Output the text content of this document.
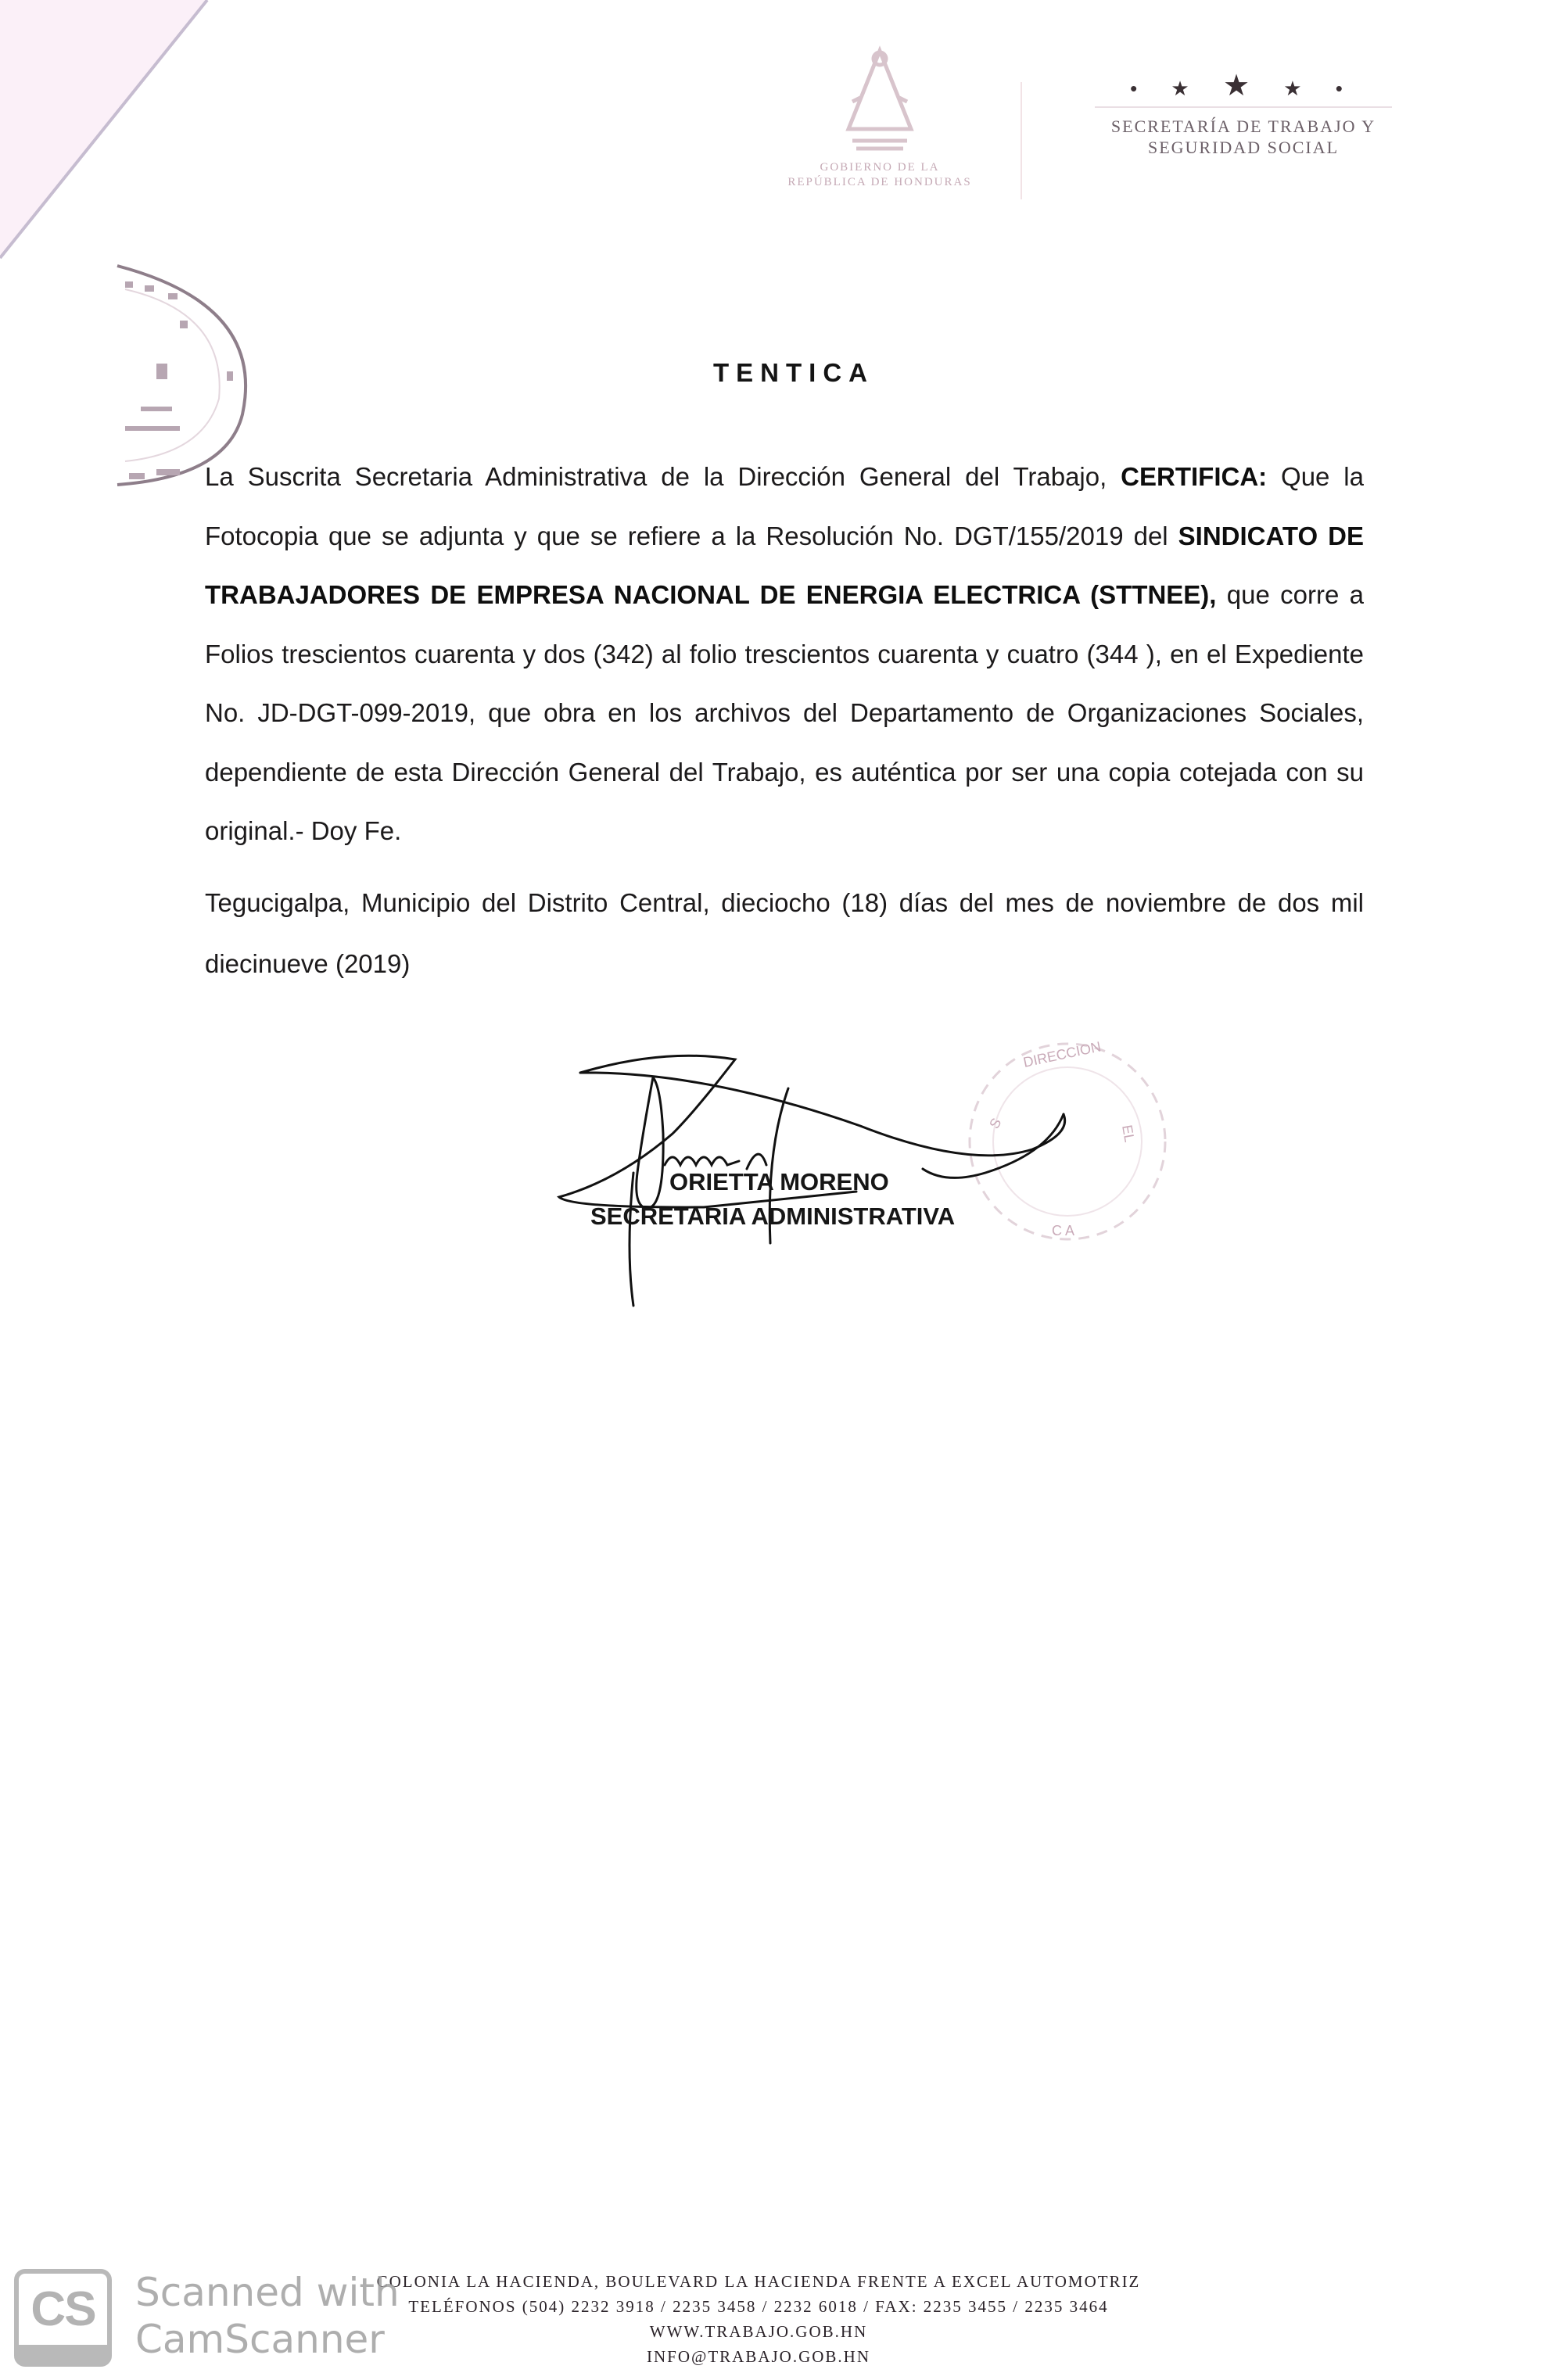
GOBIERNO DE LA
REPÚBLICA DE HONDURAS
• ★ ★ ★ •
SECRETARÍA DE TRABAJO Y
SEGURIDAD SOCIAL
TENTICA
La Suscrita Secretaria Administrativa de la Dirección General del Trabajo, CERTIFICA: Que la Fotocopia que se adjunta y que se refiere a la Resolución No. DGT/155/2019 del SINDICATO DE TRABAJADORES DE EMPRESA NACIONAL DE ENERGIA ELECTRICA (STTNEE), que corre a Folios trescientos cuarenta y dos (342) al folio trescientos cuarenta y cuatro (344 ), en el Expediente No. JD-DGT-099-2019, que obra en los archivos del Departamento de Organizaciones Sociales, dependiente de esta Dirección General del Trabajo, es auténtica por ser una copia cotejada con su original.- Doy Fe.
Tegucigalpa, Municipio del Distrito Central, dieciocho (18) días del mes de noviembre de dos mil diecinueve (2019)
DIRECCION
EL
C A
S
ORIETTA MORENO
SECRETARIA ADMINISTRATIVA
COLONIA LA HACIENDA, BOULEVARD LA HACIENDA FRENTE A EXCEL AUTOMOTRIZ
TELÉFONOS (504) 2232 3918 / 2235 3458 / 2232 6018 / FAX: 2235 3455 / 2235 3464
WWW.TRABAJO.GOB.HN
INFO@TRABAJO.GOB.HN
CS	Scanned with
CamScanner
